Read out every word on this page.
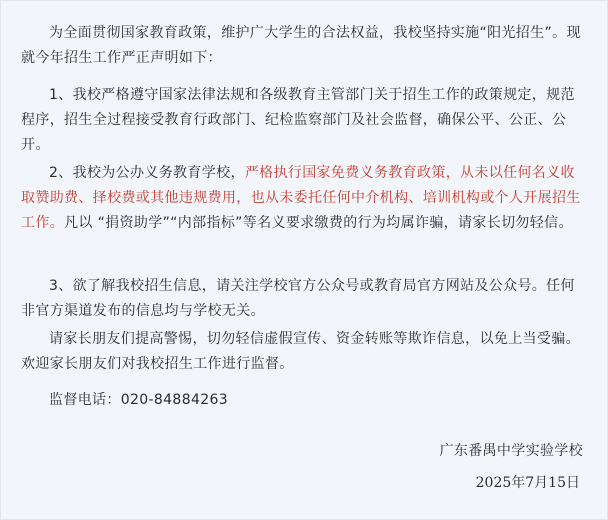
为全面贯彻国家教育政策，维护广大学生的合法权益，我校坚持实施“阳光招生”。现就今年招生工作严正声明如下：

1、我校严格遵守国家法律法规和各级教育主管部门关于招生工作的政策规定，规范程序，招生全过程接受教育行政部门、纪检监察部门及社会监督，确保公平、公正、公开。

2、我校为公办义务教育学校，严格执行国家免费义务教育政策，从未以任何名义收取赞助费、择校费或其他违规费用，也从未委托任何中介机构、培训机构或个人开展招生工作。凡以 “捐资助学”“内部指标”等名义要求缴费的行为均属诈骗，请家长切勿轻信。

3、欲了解我校招生信息，请关注学校官方公众号或教育局官方网站及公众号。任何非官方渠道发布的信息均与学校无关。

请家长朋友们提高警惕，切勿轻信虚假宣传、资金转账等欺诈信息，以免上当受骗。欢迎家长朋友们对我校招生工作进行监督。

监督电话：020-84884263

广东番禺中学实验学校
2025年7月15日
